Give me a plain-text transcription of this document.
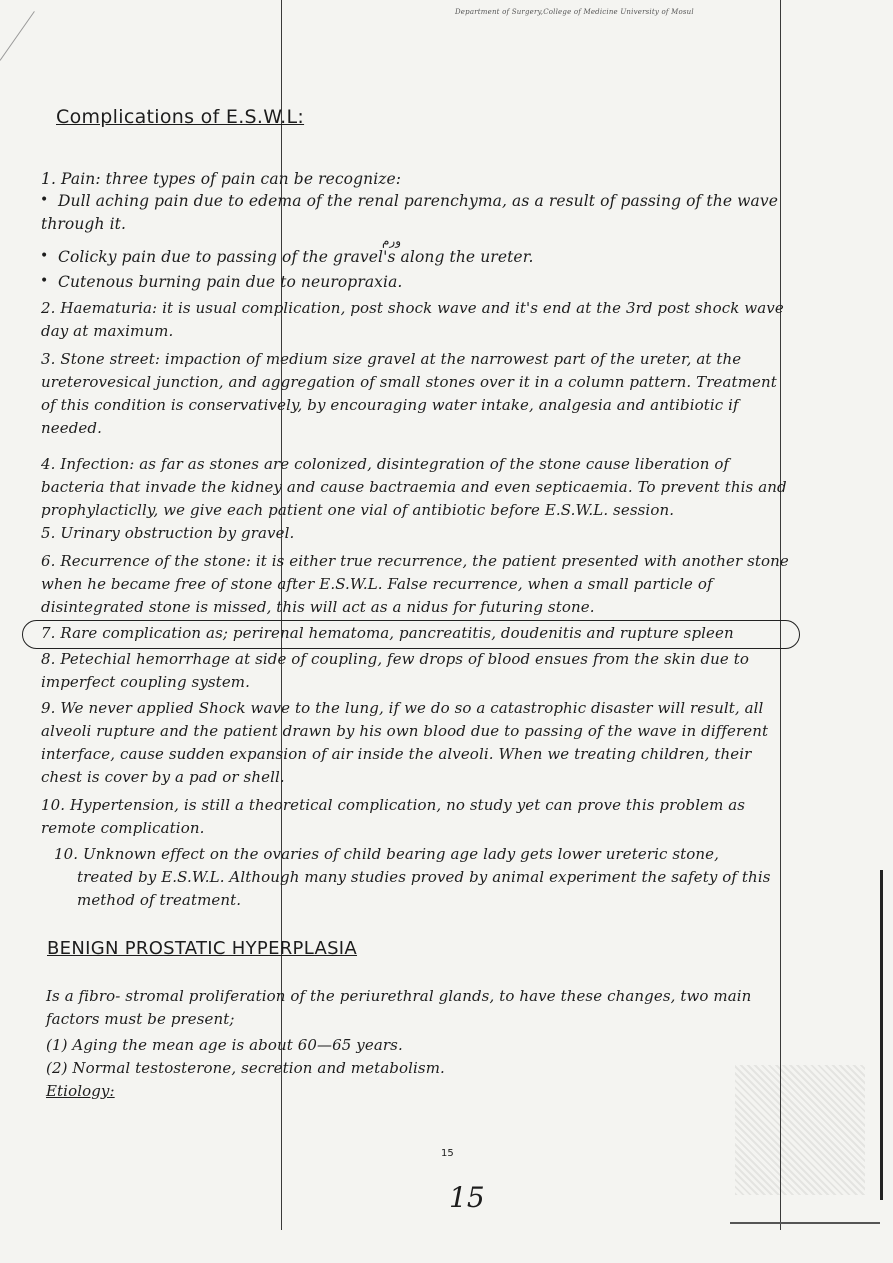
Department of Surgery,College of Medicine University of Mosul
Complications of E.S.W.L:
1. Pain: three types of pain can be recognize:
• Dull aching pain due to edema of the renal parenchyma, as a result of passing of the wave
through it.
ورم
• Colicky pain due to passing of the gravel's along the ureter.
• Cutenous burning pain due to neuropraxia.
2. Haematuria: it is usual complication, post shock wave and it's end at the 3rd post shock wave
day at maximum.
3. Stone street: impaction of medium size gravel at the narrowest part of the ureter, at the
ureterovesical junction, and aggregation of small stones over it in a column pattern. Treatment
of this condition is conservatively, by encouraging water intake, analgesia and antibiotic if
needed.
4. Infection: as far as stones are colonized, disintegration of the stone cause liberation of
bacteria that invade the kidney and cause bactraemia and even septicaemia. To prevent this and
prophylacticlly, we give each patient one vial of antibiotic before E.S.W.L. session.
5. Urinary obstruction by gravel.
6. Recurrence of the stone: it is either true recurrence, the patient presented with another stone
when he became free of stone after E.S.W.L. False recurrence, when a small particle of
disintegrated stone is missed, this will act as a nidus for futuring stone.
7. Rare complication as; perirenal hematoma, pancreatitis, doudenitis and rupture spleen
8. Petechial hemorrhage at side of coupling, few drops of blood ensues from the skin due to
imperfect coupling system.
9. We never applied Shock wave to the lung, if we do so a catastrophic disaster will result, all
alveoli rupture and the patient drawn by his own blood due to passing of the wave in different
interface, cause sudden expansion of air inside the alveoli. When we treating children, their
chest is cover by a pad or shell.
10. Hypertension, is still a theoretical complication, no study yet can prove this problem as
remote complication.
10. Unknown effect on the ovaries of child bearing age lady gets lower ureteric stone,
treated by E.S.W.L. Although many studies proved by animal experiment the safety of this
method of treatment.
BENIGN PROSTATIC HYPERPLASIA
Is a fibro- stromal proliferation of the periurethral glands, to have these changes, two main
factors must be present;
(1) Aging the mean age is about 60—65 years.
(2) Normal testosterone, secretion and metabolism.
Etiology:
15
15
